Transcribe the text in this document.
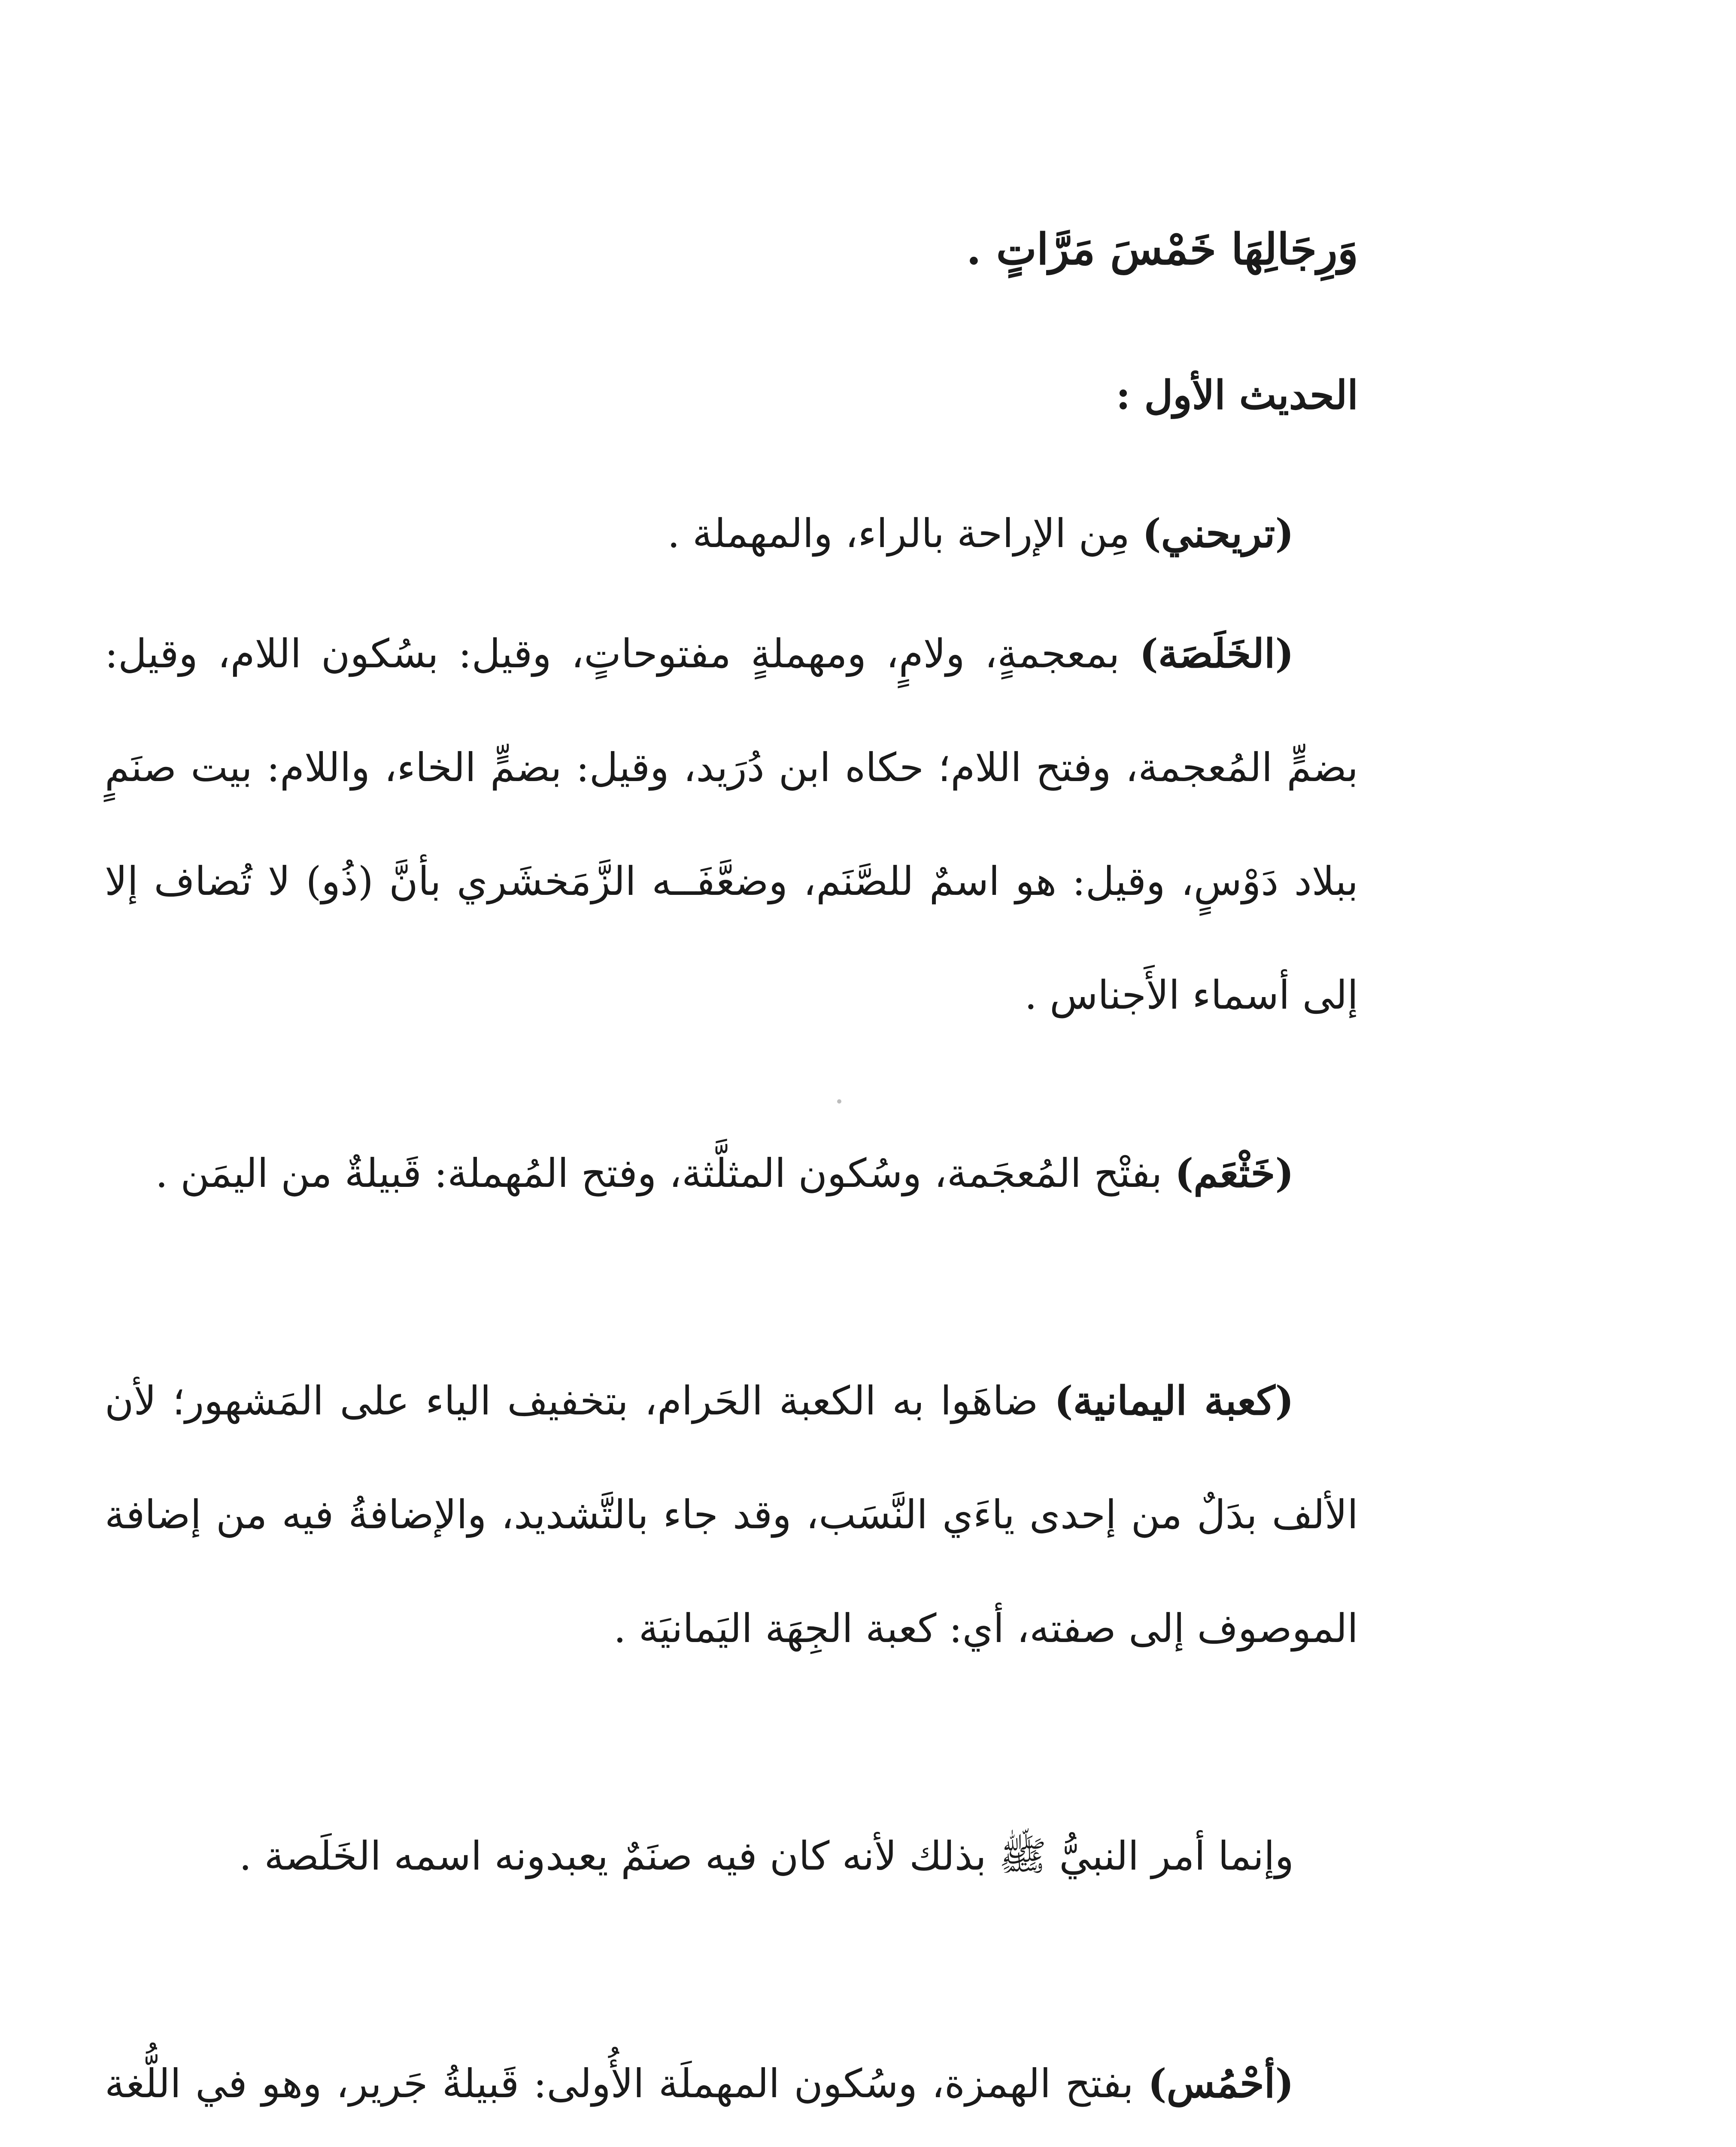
وَرِجَالِهَا خَمْسَ مَرَّاتٍ .
الحديث الأول :

(تريحني) مِن الإراحة بالراء، والمهملة .

(الخَلَصَة) بمعجمةٍ، ولامٍ، ومهملةٍ مفتوحاتٍ، وقيل: بسُكون اللام، وقيل: بضمٍّ المُعجمة، وفتح اللام؛ حكاه ابن دُرَيد، وقيل: بضمٍّ الخاء، واللام: بيت صنَمٍ ببلاد دَوْسٍ، وقيل: هو اسمٌ للصَّنَم، وضعَّفَــه الزَّمَخشَري بأنَّ (ذُو) لا تُضاف إلا إلى أسماء الأَجناس .

(خَثْعَم) بفتْح المُعجَمة، وسُكون المثلَّثة، وفتح المُهملة: قَبيلةٌ من اليمَن .

(كعبة اليمانية) ضاهَوا به الكعبة الحَرام، بتخفيف الياء على المَشهور؛ لأن الألف بدَلٌ من إحدى ياءَي النَّسَب، وقد جاء بالتَّشديد، والإضافةُ فيه من إضافة الموصوف إلى صفته، أي: كعبة الجِهَة اليَمانيَة .

وإنما أمر النبيُّ ﷺ بذلك لأنه كان فيه صنَمٌ يعبدونه اسمه الخَلَصة .

(أحْمُس) بفتح الهمزة، وسُكون المهملَة الأُولى: قَبيلةُ جَرير، وهو في اللُّغة
